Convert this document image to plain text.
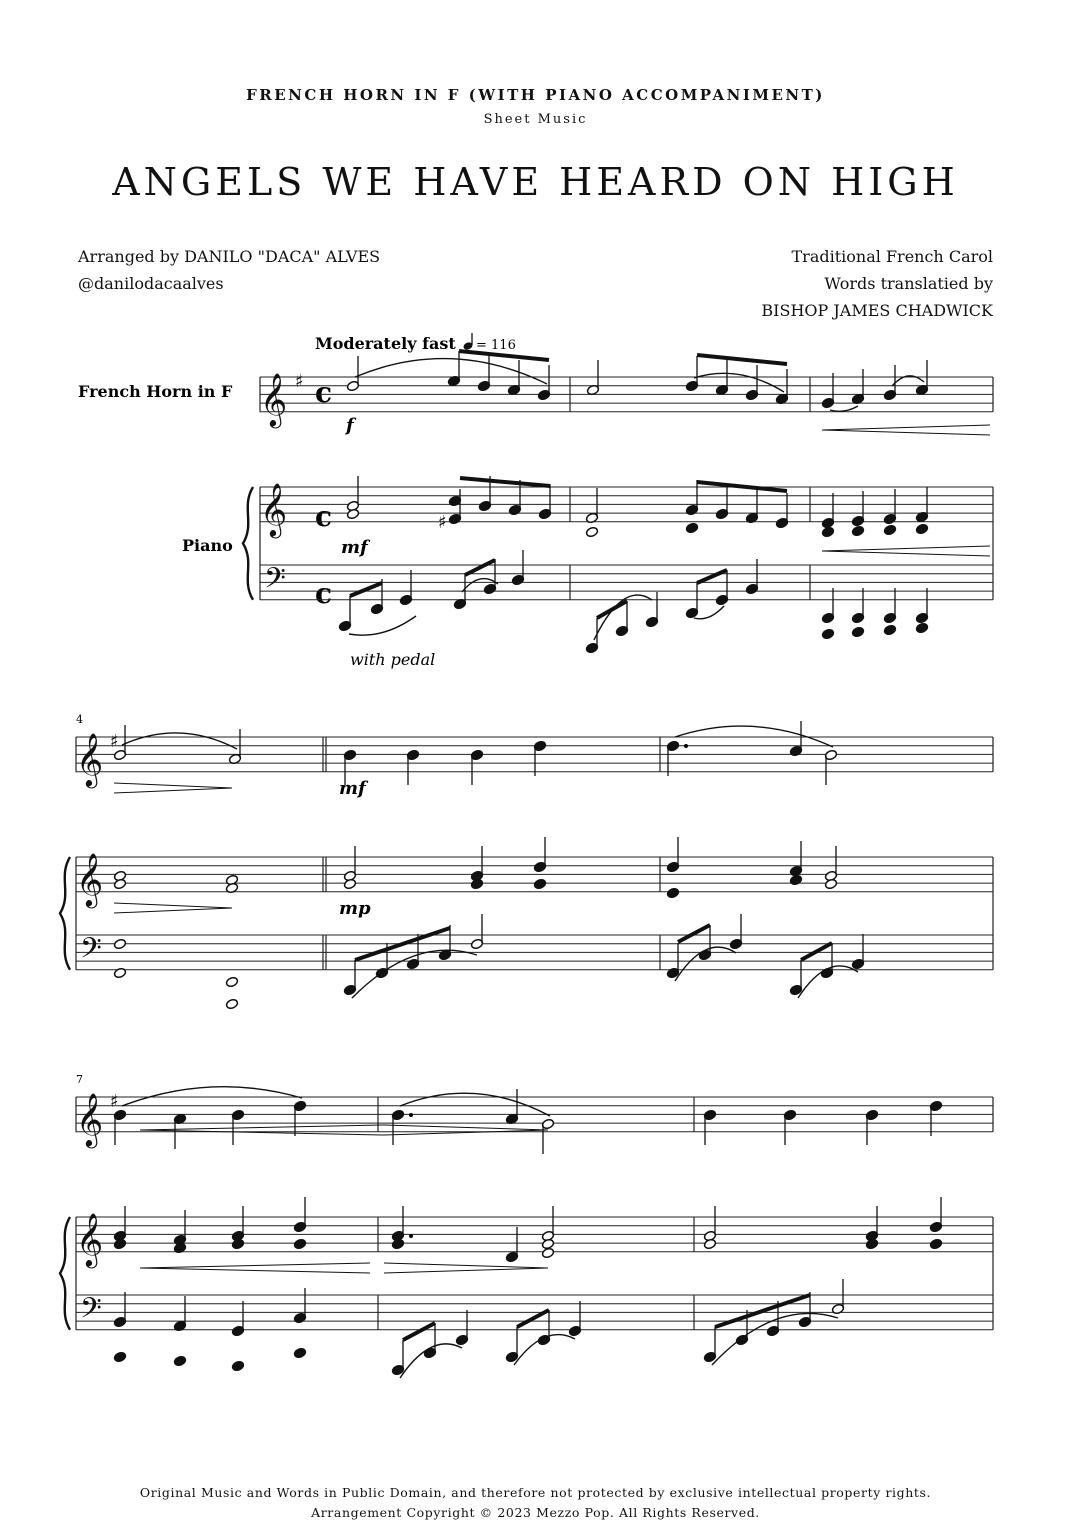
FRENCH HORN IN F (WITH PIANO ACCOMPANIMENT)
Sheet Music
ANGELS WE HAVE HEARD ON HIGH
Arranged by DANILO "DACA" ALVES
@danilodacaalves
Traditional French Carol
Words translatied by
BISHOP JAMES CHADWICK
Moderately fast = 116
French Horn in F
Piano
with pedal
4
7
f
mf
mf
mp
c
c
c
𝄞 ♯
𝄞
𝄢
♯
𝄞 ♯
𝄞
𝄢
𝄞 ♯
𝄞
𝄢
Original Music and Words in Public Domain, and therefore not protected by exclusive intellectual property rights.
Arrangement Copyright © 2023 Mezzo Pop. All Rights Reserved.
